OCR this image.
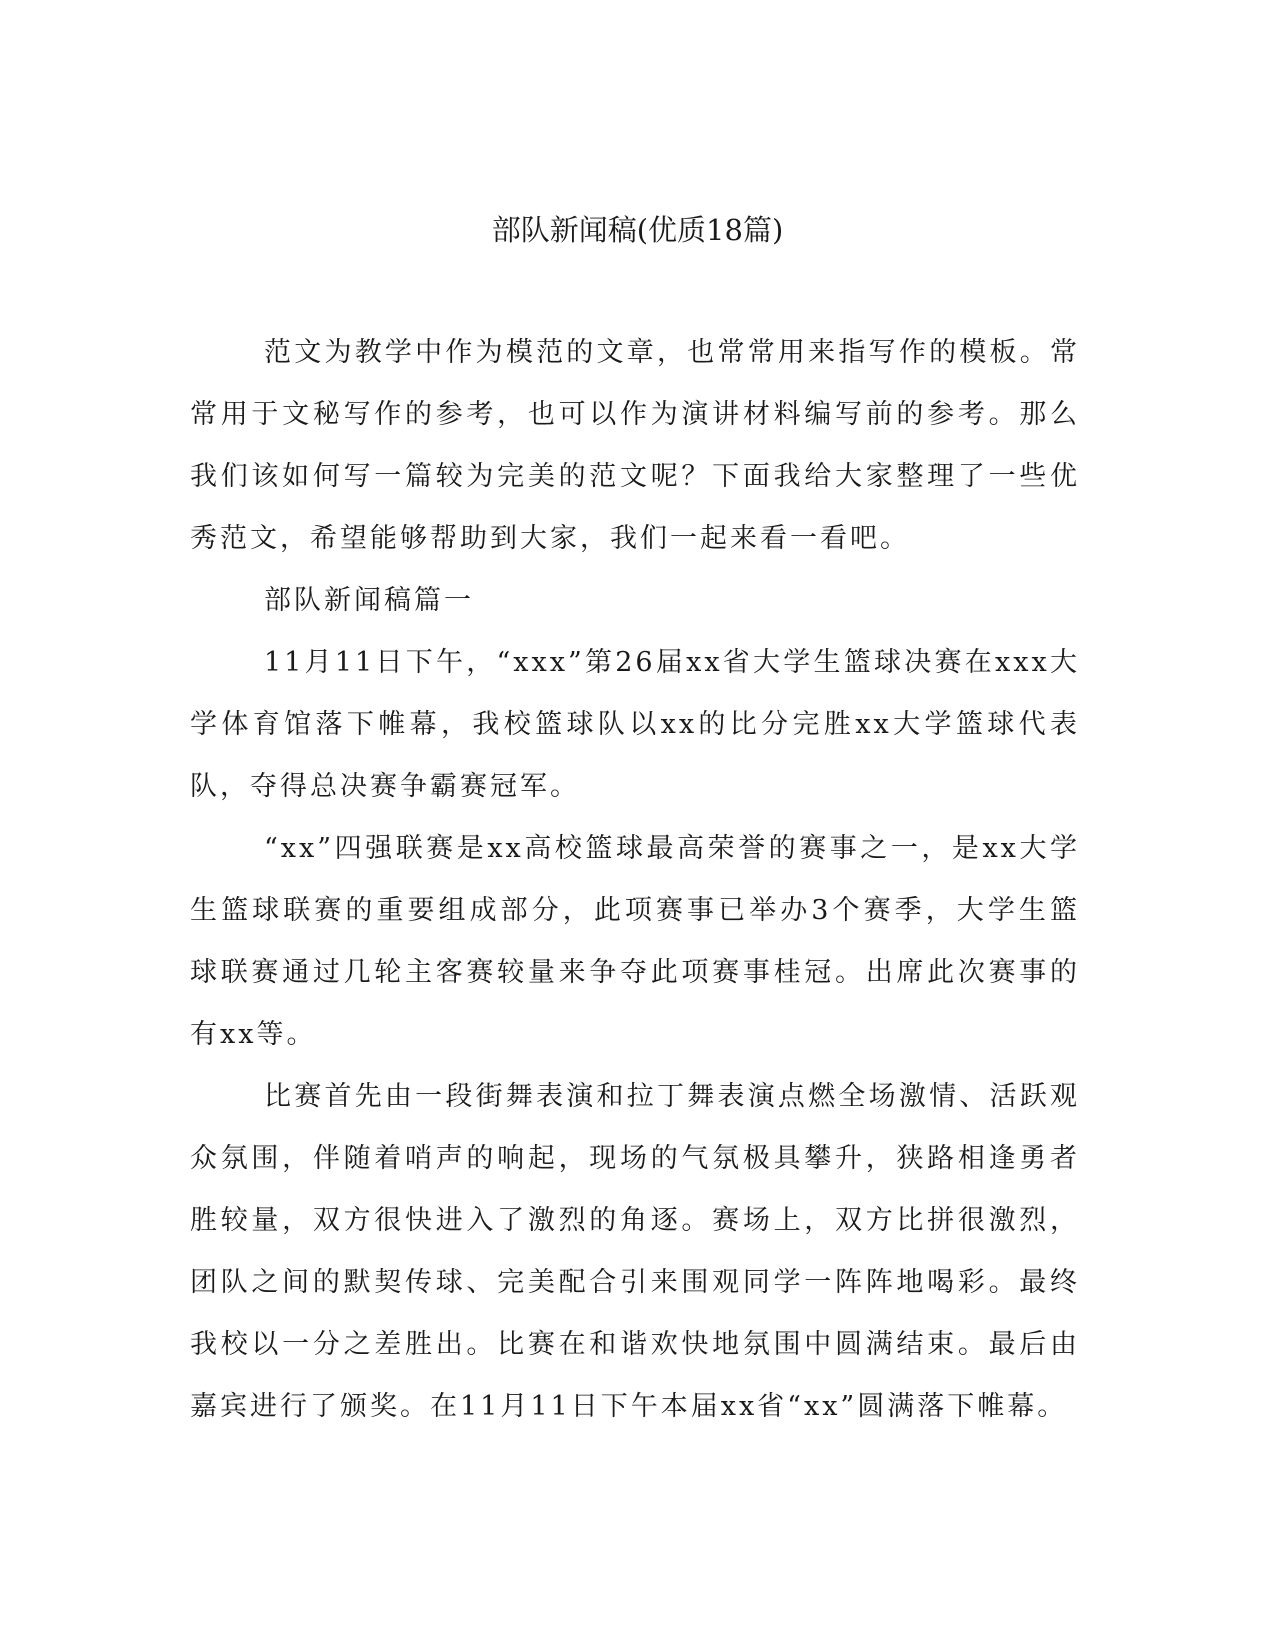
部队新闻稿(优质18篇)

范文为教学中作为模范的文章，也常常用来指写作的模板。常常用于文秘写作的参考，也可以作为演讲材料编写前的参考。那么我们该如何写一篇较为完美的范文呢？下面我给大家整理了一些优秀范文，希望能够帮助到大家，我们一起来看一看吧。

部队新闻稿篇一

11月11日下午，“xxx”第26届xx省大学生篮球决赛在xxx大学体育馆落下帷幕，我校篮球队以xx的比分完胜xx大学篮球代表队，夺得总决赛争霸赛冠军。

“xx”四强联赛是xx高校篮球最高荣誉的赛事之一，是xx大学生篮球联赛的重要组成部分，此项赛事已举办3个赛季，大学生篮球联赛通过几轮主客赛较量来争夺此项赛事桂冠。出席此次赛事的有xx等。

比赛首先由一段街舞表演和拉丁舞表演点燃全场激情、活跃观众氛围，伴随着哨声的响起，现场的气氛极具攀升，狭路相逢勇者胜较量，双方很快进入了激烈的角逐。赛场上，双方比拼很激烈，团队之间的默契传球、完美配合引来围观同学一阵阵地喝彩。最终我校以一分之差胜出。比赛在和谐欢快地氛围中圆满结束。最后由嘉宾进行了颁奖。在11月11日下午本届xx省“xx”圆满落下帷幕。
